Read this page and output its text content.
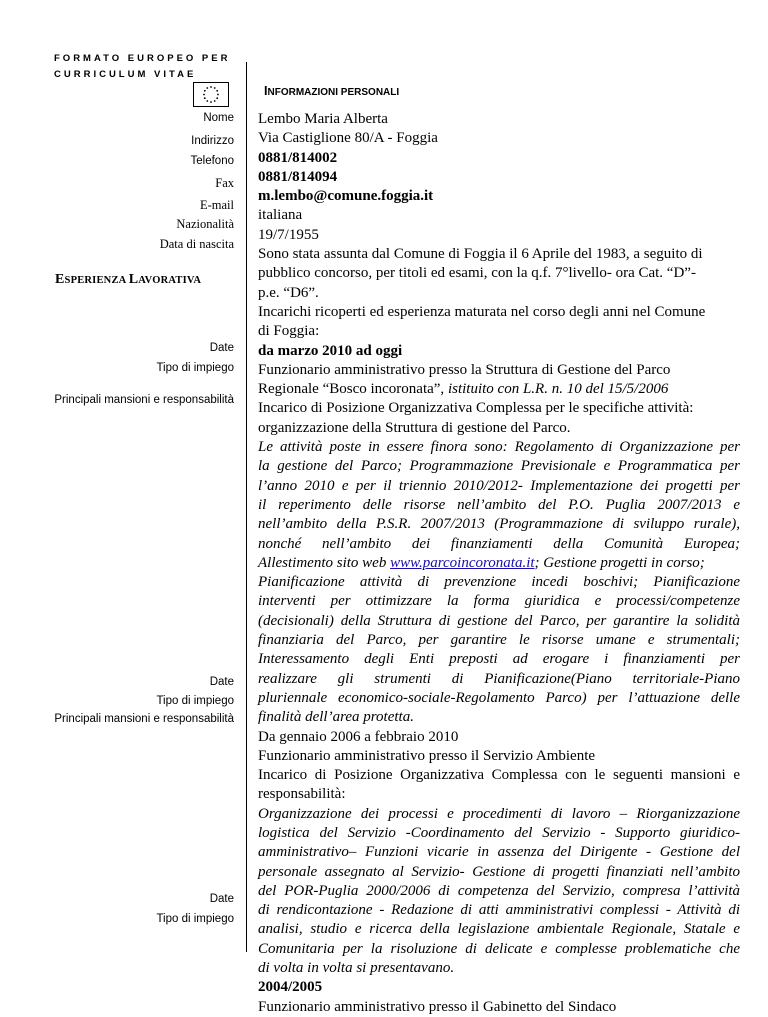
FORMATO EUROPEO PER
CURRICULUM VITAE
INFORMAZIONI PERSONALI
Nome
Indirizzo
Telefono
Fax
E-mail
Nazionalità
Data di nascita
ESPERIENZA LAVORATIVA
Date
Tipo di impiego
Principali mansioni e responsabilità
Date
Tipo di impiego
Principali mansioni e responsabilità
Date
Tipo di impiego
Lembo Maria Alberta
Via Castiglione 80/A - Foggia
0881/814002
0881/814094
m.lembo@comune.foggia.it
italiana
19/7/1955
Sono stata assunta dal Comune di Foggia il 6 Aprile del 1983, a seguito di
pubblico concorso, per titoli ed esami, con la q.f. 7°livello- ora Cat. “D”-
p.e. “D6”.
Incarichi ricoperti ed esperienza maturata nel corso degli anni nel Comune
di Foggia:
da marzo 2010 ad oggi
Funzionario amministrativo presso la Struttura di Gestione del Parco
Regionale “Bosco incoronata”, istituito con L.R. n. 10 del 15/5/2006
Incarico di Posizione Organizzativa Complessa per le specifiche attività:
organizzazione della Struttura di gestione del Parco.
Le attività poste in essere finora sono: Regolamento di Organizzazione per
la gestione del Parco; Programmazione Previsionale e Programmatica per
l’anno 2010 e per il triennio 2010/2012- Implementazione dei progetti per
il reperimento delle risorse nell’ambito del P.O. Puglia 2007/2013 e
nell’ambito della P.S.R. 2007/2013 (Programmazione di sviluppo rurale),
nonché nell’ambito dei finanziamenti della Comunità Europea;
Allestimento sito web www.parcoincoronata.it; Gestione progetti in corso;
Pianificazione attività di prevenzione incedi boschivi; Pianificazione
interventi per ottimizzare la forma giuridica e processi/competenze
(decisionali) della Struttura di gestione del Parco, per garantire la solidità
finanziaria del Parco, per garantire le risorse umane e strumentali;
Interessamento degli Enti preposti ad erogare i finanziamenti per
realizzare gli strumenti di Pianificazione(Piano territoriale-Piano
pluriennale economico-sociale-Regolamento Parco) per l’attuazione delle
finalità dell’area protetta.
Da gennaio 2006 a febbraio 2010
Funzionario amministrativo presso il Servizio Ambiente
Incarico di Posizione Organizzativa Complessa con le seguenti mansioni e
responsabilità:
Organizzazione dei processi e procedimenti di lavoro – Riorganizzazione
logistica del Servizio -Coordinamento del Servizio - Supporto giuridico-
amministrativo– Funzioni vicarie in assenza del Dirigente - Gestione del
personale assegnato al Servizio- Gestione di progetti finanziati nell’ambito
del POR-Puglia 2000/2006 di competenza del Servizio, compresa l’attività
di rendicontazione - Redazione di atti amministrativi complessi - Attività di
analisi, studio e ricerca della legislazione ambientale Regionale, Statale e
Comunitaria per la risoluzione di delicate e complesse problematiche che
di volta in volta si presentavano.
2004/2005
Funzionario amministrativo presso il Gabinetto del Sindaco
